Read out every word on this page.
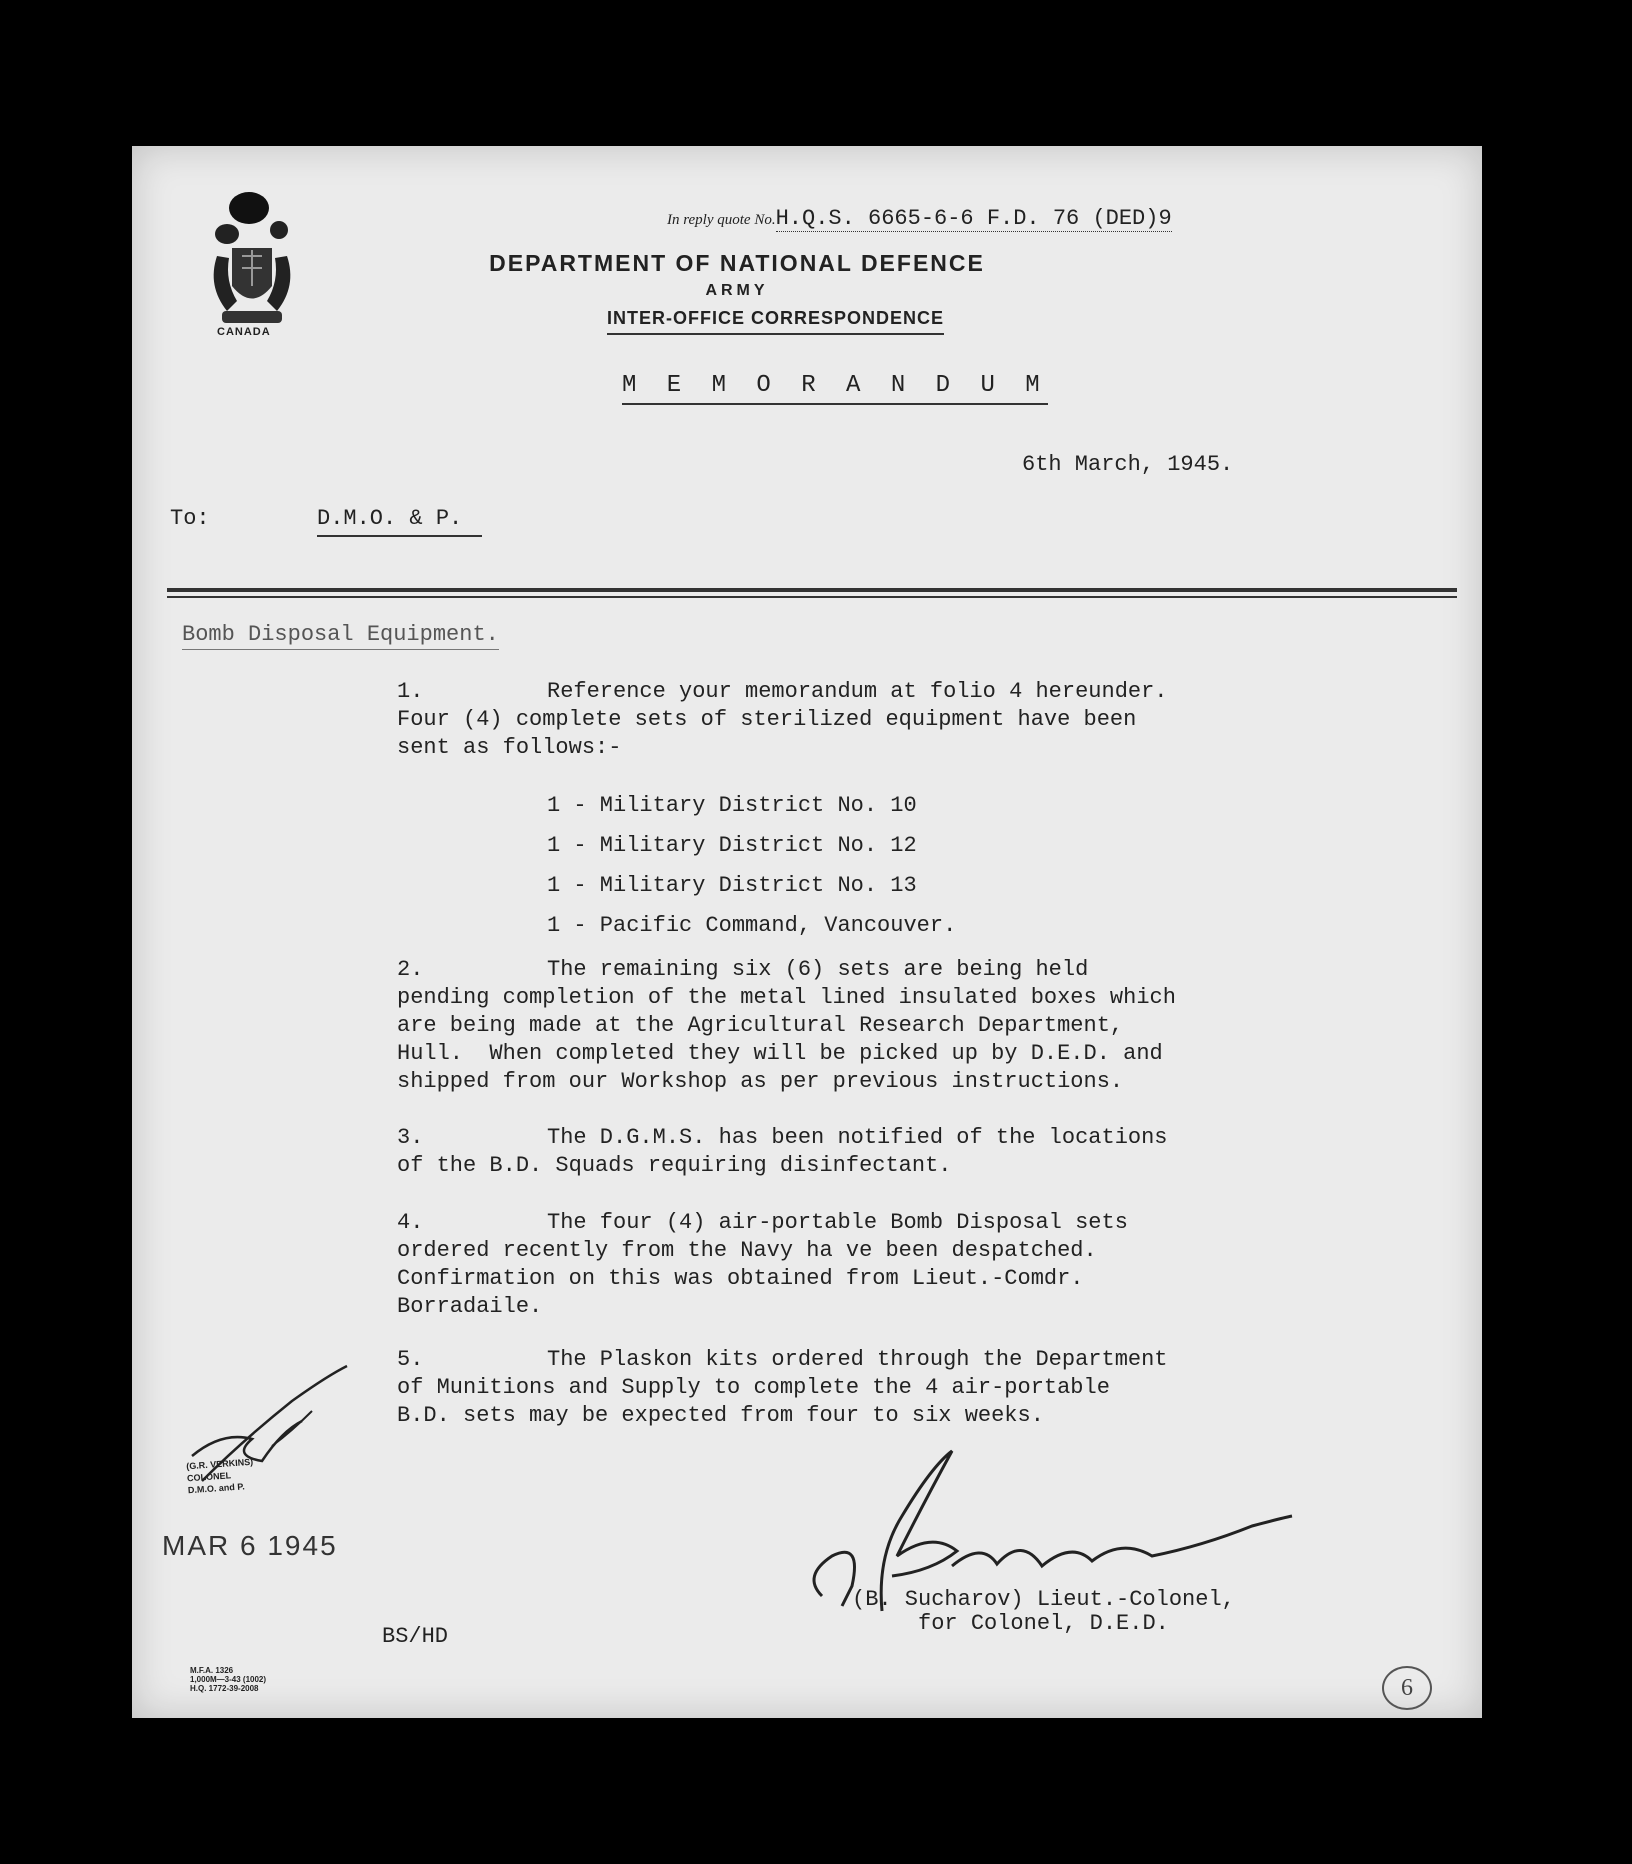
CANADA
In reply quote No.H.Q.S. 6665-6-6 F.D. 76 (DED)9
DEPARTMENT OF NATIONAL DEFENCE
ARMY
INTER-OFFICE CORRESPONDENCE
M E M O R A N D U M
6th March, 1945.
To:	D.M.O. & P.
Bomb Disposal Equipment.
1.	Reference your memorandum at folio 4 hereunder.
Four (4) complete sets of sterilized equipment have been
sent as follows:-
1 - Military District No. 10
1 - Military District No. 12
1 - Military District No. 13
1 - Pacific Command, Vancouver.
2.	The remaining six (6) sets are being held
pending completion of the metal lined insulated boxes which
are being made at the Agricultural Research Department,
Hull.  When completed they will be picked up by D.E.D. and
shipped from our Workshop as per previous instructions.
3.	The D.G.M.S. has been notified of the locations
of the B.D. Squads requiring disinfectant.
4.	The four (4) air-portable Bomb Disposal sets
ordered recently from the Navy ha ve been despatched.
Confirmation on this was obtained from Lieut.-Comdr.
Borradaile.
5.	The Plaskon kits ordered through the Department
of Munitions and Supply to complete the 4 air-portable
B.D. sets may be expected from four to six weeks.
(B. Sucharov) Lieut.-Colonel,
for Colonel, D.E.D.
BS/HD
(G.R. VERKINS)
COLONEL
D.M.O. and P.
MAR 6 1945
M.F.A. 1326
1,000M—3-43 (1002)
H.Q. 1772-39-2008	6
